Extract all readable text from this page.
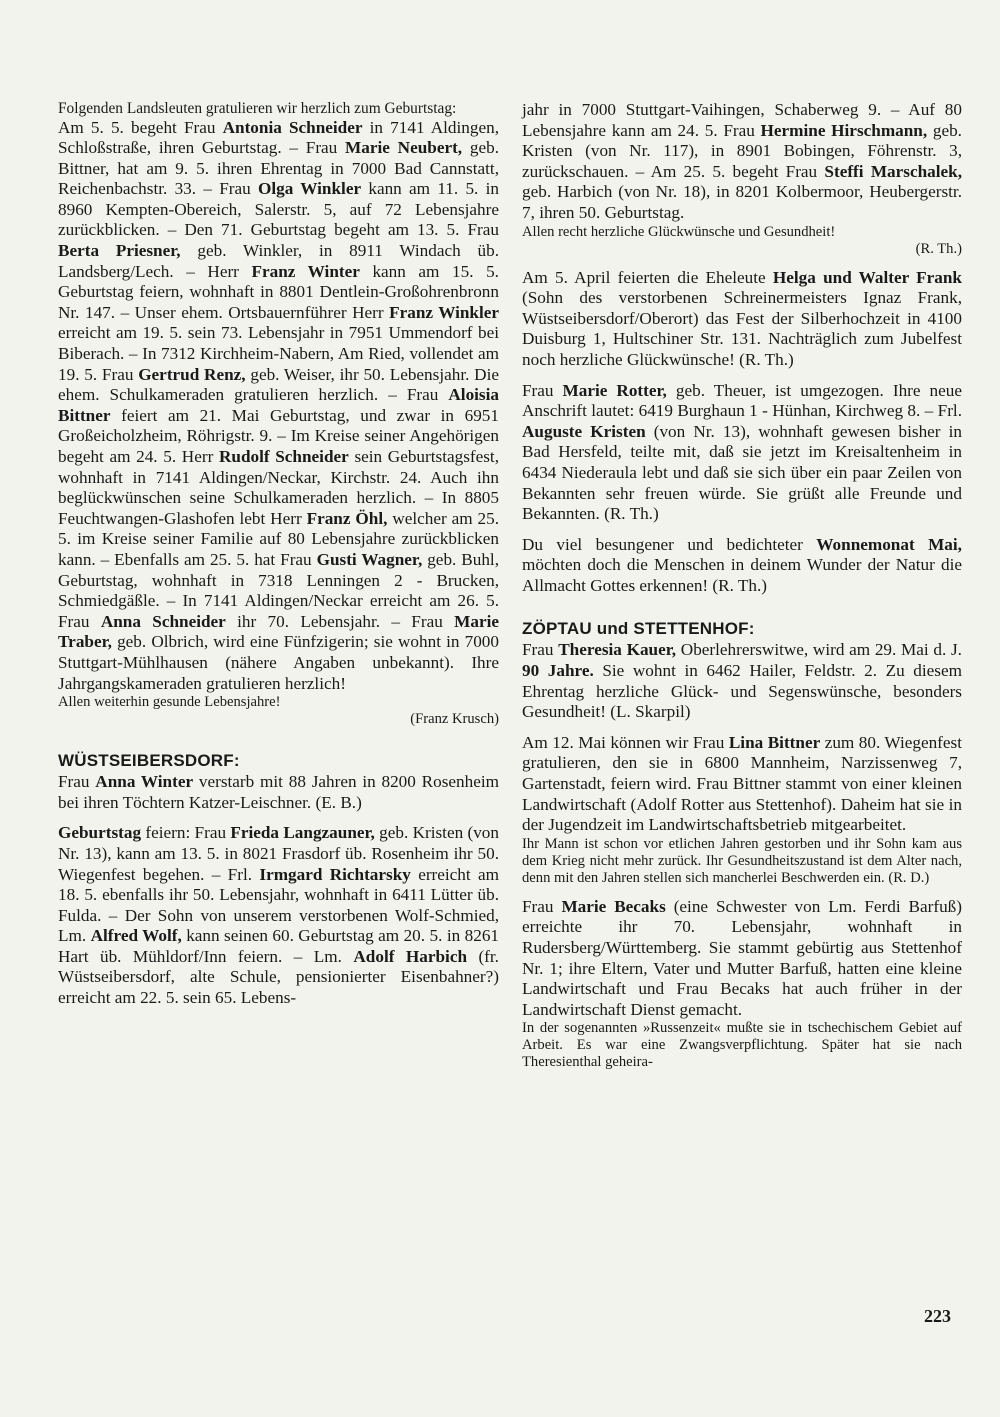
Folgenden Landsleuten gratulieren wir herzlich zum Geburtstag:

Am 5. 5. begeht Frau Antonia Schneider in 7141 Aldingen, Schloßstraße, ihren Geburtstag. – Frau Marie Neubert, geb. Bittner, hat am 9. 5. ihren Ehrentag in 7000 Bad Cannstatt, Reichenbachstr. 33. – Frau Olga Winkler kann am 11. 5. in 8960 Kempten-Obereich, Salerstr. 5, auf 72 Lebensjahre zurückblicken. – Den 71. Geburtstag begeht am 13. 5. Frau Berta Priesner, geb. Winkler, in 8911 Windach üb. Landsberg/Lech. – Herr Franz Winter kann am 15. 5. Geburtstag feiern, wohnhaft in 8801 Dentlein-Großohrenbronn Nr. 147. – Unser ehem. Ortsbauernführer Herr Franz Winkler erreicht am 19. 5. sein 73. Lebensjahr in 7951 Ummendorf bei Biberach. – In 7312 Kirchheim-Nabern, Am Ried, vollendet am 19. 5. Frau Gertrud Renz, geb. Weiser, ihr 50. Lebensjahr. Die ehem. Schulkameraden gratulieren herzlich. – Frau Aloisia Bittner feiert am 21. Mai Geburtstag, und zwar in 6951 Großeicholzheim, Röhrigstr. 9. – Im Kreise seiner Angehörigen begeht am 24. 5. Herr Rudolf Schneider sein Geburtstagsfest, wohnhaft in 7141 Aldingen/Neckar, Kirchstr. 24. Auch ihn beglückwünschen seine Schulkameraden herzlich. – In 8805 Feuchtwangen-Glashofen lebt Herr Franz Öhl, welcher am 25. 5. im Kreise seiner Familie auf 80 Lebensjahre zurückblicken kann. – Ebenfalls am 25. 5. hat Frau Gusti Wagner, geb. Buhl, Geburtstag, wohnhaft in 7318 Lenningen 2 - Brucken, Schmiedgäßle. – In 7141 Aldingen/Neckar erreicht am 26. 5. Frau Anna Schneider ihr 70. Lebensjahr. – Frau Marie Traber, geb. Olbrich, wird eine Fünfzigerin; sie wohnt in 7000 Stuttgart-Mühlhausen (nähere Angaben unbekannt). Ihre Jahrgangskameraden gratulieren herzlich!

Allen weiterhin gesunde Lebensjahre!

(Franz Krusch)

WÜSTSEIBERSDORF:

Frau Anna Winter verstarb mit 88 Jahren in 8200 Rosenheim bei ihren Töchtern Katzer-Leischner. (E. B.)

Geburtstag feiern: Frau Frieda Langzauner, geb. Kristen (von Nr. 13), kann am 13. 5. in 8021 Frasdorf üb. Rosenheim ihr 50. Wiegenfest begehen. – Frl. Irmgard Richtarsky erreicht am 18. 5. ebenfalls ihr 50. Lebensjahr, wohnhaft in 6411 Lütter üb. Fulda. – Der Sohn von unserem verstorbenen Wolf-Schmied, Lm. Alfred Wolf, kann seinen 60. Geburtstag am 20. 5. in 8261 Hart üb. Mühldorf/Inn feiern. – Lm. Adolf Harbich (fr. Wüstseibersdorf, alte Schule, pensionierter Eisenbahner?) erreicht am 22. 5. sein 65. Lebens-

jahr in 7000 Stuttgart-Vaihingen, Schaberweg 9. – Auf 80 Lebensjahre kann am 24. 5. Frau Hermine Hirschmann, geb. Kristen (von Nr. 117), in 8901 Bobingen, Föhrenstr. 3, zurückschauen. – Am 25. 5. begeht Frau Steffi Marschalek, geb. Harbich (von Nr. 18), in 8201 Kolbermoor, Heubergerstr. 7, ihren 50. Geburtstag.

Allen recht herzliche Glückwünsche und Gesundheit!

(R. Th.)

Am 5. April feierten die Eheleute Helga und Walter Frank (Sohn des verstorbenen Schreinermeisters Ignaz Frank, Wüstseibersdorf/Oberort) das Fest der Silberhochzeit in 4100 Duisburg 1, Hultschiner Str. 131. Nachträglich zum Jubelfest noch herzliche Glückwünsche! (R. Th.)

Frau Marie Rotter, geb. Theuer, ist umgezogen. Ihre neue Anschrift lautet: 6419 Burghaun 1 - Hünhan, Kirchweg 8. – Frl. Auguste Kristen (von Nr. 13), wohnhaft gewesen bisher in Bad Hersfeld, teilte mit, daß sie jetzt im Kreisaltenheim in 6434 Niederaula lebt und daß sie sich über ein paar Zeilen von Bekannten sehr freuen würde. Sie grüßt alle Freunde und Bekannten. (R. Th.)

Du viel besungener und bedichteter Wonnemonat Mai, möchten doch die Menschen in deinem Wunder der Natur die Allmacht Gottes erkennen! (R. Th.)

ZÖPTAU und STETTENHOF:

Frau Theresia Kauer, Oberlehrerswitwe, wird am 29. Mai d. J. 90 Jahre. Sie wohnt in 6462 Hailer, Feldstr. 2. Zu diesem Ehrentag herzliche Glück- und Segenswünsche, besonders Gesundheit! (L. Skarpil)

Am 12. Mai können wir Frau Lina Bittner zum 80. Wiegenfest gratulieren, den sie in 6800 Mannheim, Narzissenweg 7, Gartenstadt, feiern wird. Frau Bittner stammt von einer kleinen Landwirtschaft (Adolf Rotter aus Stettenhof). Daheim hat sie in der Jugendzeit im Landwirtschaftsbetrieb mitgearbeitet.

Ihr Mann ist schon vor etlichen Jahren gestorben und ihr Sohn kam aus dem Krieg nicht mehr zurück. Ihr Gesundheitszustand ist dem Alter nach, denn mit den Jahren stellen sich mancherlei Beschwerden ein. (R. D.)

Frau Marie Becaks (eine Schwester von Lm. Ferdi Barfuß) erreichte ihr 70. Lebensjahr, wohnhaft in Rudersberg/Württemberg. Sie stammt gebürtig aus Stettenhof Nr. 1; ihre Eltern, Vater und Mutter Barfuß, hatten eine kleine Landwirtschaft und Frau Becaks hat auch früher in der Landwirtschaft Dienst gemacht.

In der sogenannten »Russenzeit« mußte sie in tschechischem Gebiet auf Arbeit. Es war eine Zwangsverpflichtung. Später hat sie nach Theresienthal geheira-

223
